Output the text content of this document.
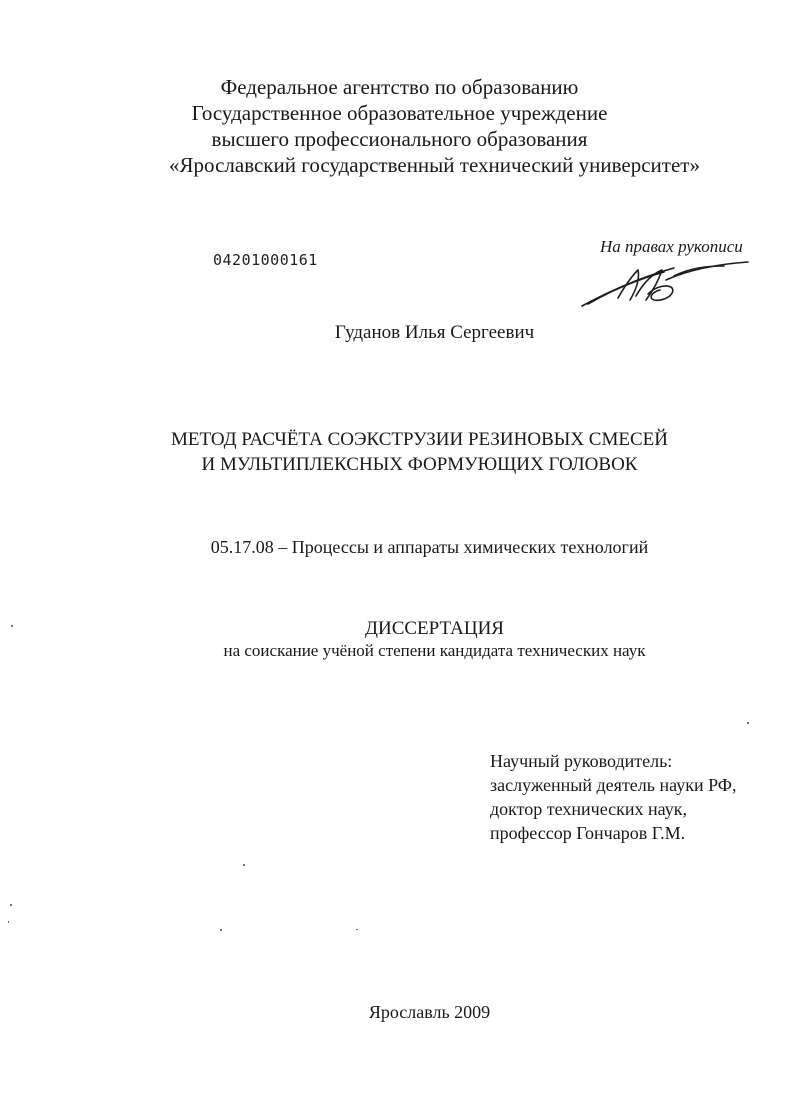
Федеральное агентство по образованию
Государственное образовательное учреждение
высшего профессионального образования
«Ярославский государственный технический университет»
04201000161
На правах рукописи
Гуданов Илья Сергеевич
МЕТОД РАСЧЁТА СОЭКСТРУЗИИ РЕЗИНОВЫХ СМЕСЕЙ
И МУЛЬТИПЛЕКСНЫХ ФОРМУЮЩИХ ГОЛОВОК
05.17.08 – Процессы и аппараты химических технологий
ДИССЕРТАЦИЯ
на соискание учёной степени кандидата технических наук
Научный руководитель:
заслуженный деятель науки РФ,
доктор технических наук,
профессор Гончаров Г.М.
Ярославль 2009
